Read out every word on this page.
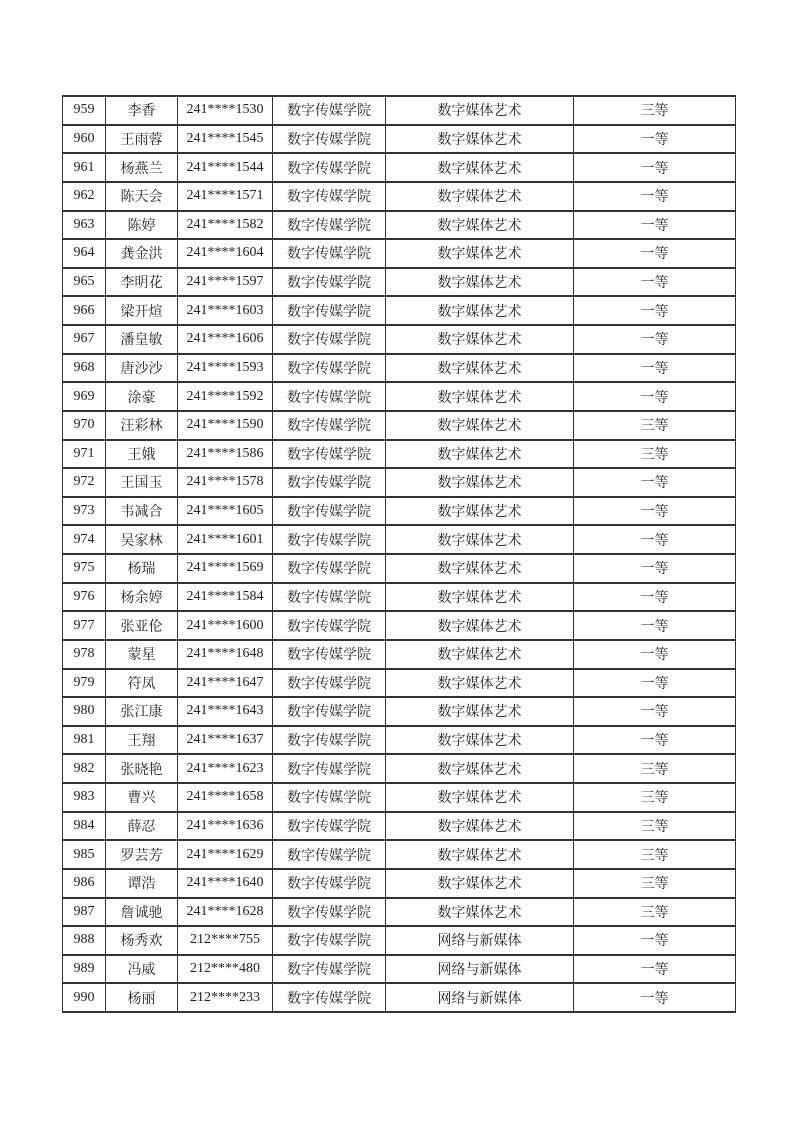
959	李香	241****1530	数字传媒学院	数字媒体艺术	三等
960	王雨蓉	241****1545	数字传媒学院	数字媒体艺术	一等
961	杨燕兰	241****1544	数字传媒学院	数字媒体艺术	一等
962	陈天会	241****1571	数字传媒学院	数字媒体艺术	一等
963	陈婷	241****1582	数字传媒学院	数字媒体艺术	一等
964	龚金洪	241****1604	数字传媒学院	数字媒体艺术	一等
965	李明花	241****1597	数字传媒学院	数字媒体艺术	一等
966	梁开煊	241****1603	数字传媒学院	数字媒体艺术	一等
967	潘皇敏	241****1606	数字传媒学院	数字媒体艺术	一等
968	唐沙沙	241****1593	数字传媒学院	数字媒体艺术	一等
969	涂豪	241****1592	数字传媒学院	数字媒体艺术	一等
970	汪彩林	241****1590	数字传媒学院	数字媒体艺术	三等
971	王娥	241****1586	数字传媒学院	数字媒体艺术	三等
972	王国玉	241****1578	数字传媒学院	数字媒体艺术	一等
973	韦减合	241****1605	数字传媒学院	数字媒体艺术	一等
974	吴家林	241****1601	数字传媒学院	数字媒体艺术	一等
975	杨瑞	241****1569	数字传媒学院	数字媒体艺术	一等
976	杨余婷	241****1584	数字传媒学院	数字媒体艺术	一等
977	张亚伦	241****1600	数字传媒学院	数字媒体艺术	一等
978	蒙星	241****1648	数字传媒学院	数字媒体艺术	一等
979	符凤	241****1647	数字传媒学院	数字媒体艺术	一等
980	张江康	241****1643	数字传媒学院	数字媒体艺术	一等
981	王翔	241****1637	数字传媒学院	数字媒体艺术	一等
982	张晓艳	241****1623	数字传媒学院	数字媒体艺术	三等
983	曹兴	241****1658	数字传媒学院	数字媒体艺术	三等
984	薛忍	241****1636	数字传媒学院	数字媒体艺术	三等
985	罗芸芳	241****1629	数字传媒学院	数字媒体艺术	三等
986	谭浩	241****1640	数字传媒学院	数字媒体艺术	三等
987	詹诚驰	241****1628	数字传媒学院	数字媒体艺术	三等
988	杨秀欢	212****755	数字传媒学院	网络与新媒体	一等
989	冯威	212****480	数字传媒学院	网络与新媒体	一等
990	杨丽	212****233	数字传媒学院	网络与新媒体	一等
